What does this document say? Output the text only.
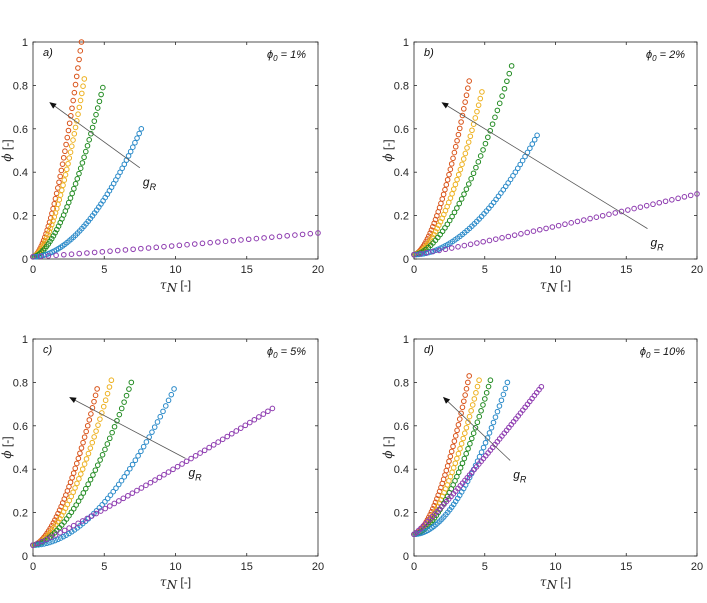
0	5	10	15	20
0
0.2
0.4
0.6
0.8
1
τN [-]
ϕ [-]
a)	$\phi_0 = 1\%$
$g_R$
0	5	10	15	20
0
0.2
0.4
0.6
0.8
1
τN [-]
ϕ [-]
b)	$\phi_0 = 2\%$
$g_R$
0	5	10	15	20
0
0.2
0.4
0.6
0.8
1
τN [-]
ϕ [-]
c)	$\phi_0 = 5\%$
$g_R$
0	5	10	15	20
0
0.2
0.4
0.6
0.8
1
τN [-]
ϕ [-]
d)	$\phi_0 = 10\%$
$g_R$
